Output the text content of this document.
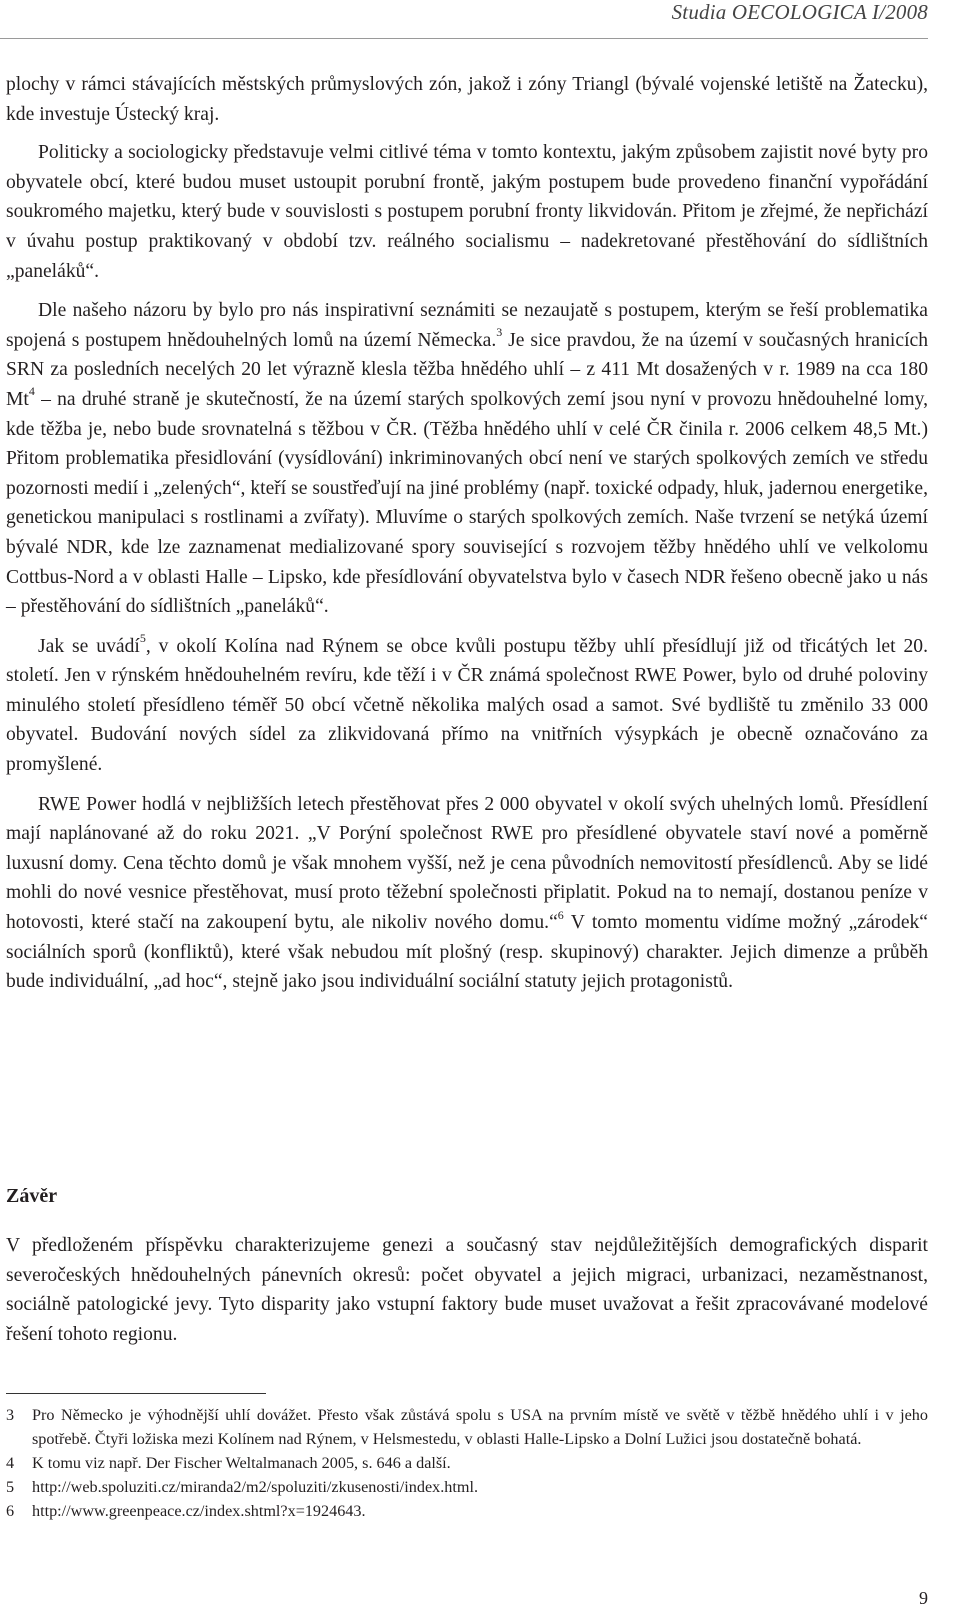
Studia OECOLOGICA I/2008

plochy v rámci stávajících městských průmyslových zón, jakož i zóny Triangl (bývalé vojenské letiště na Žatecku), kde investuje Ústecký kraj.

Politicky a sociologicky představuje velmi citlivé téma v tomto kontextu, jakým způsobem zajistit nové byty pro obyvatele obcí, které budou muset ustoupit porubní frontě, jakým postupem bude provedeno finanční vypořádání soukromého majetku, který bude v souvislosti s postupem porubní fronty likvidován. Přitom je zřejmé, že nepřichází v úvahu postup praktikovaný v období tzv. reálného socialismu – nadekretované přestěhování do sídlištních „paneláků“.

Dle našeho názoru by bylo pro nás inspirativní seznámiti se nezaujatě s postupem, kterým se řeší problematika spojená s postupem hnědouhelných lomů na území Německa.$^3$ Je sice pravdou, že na území v současných hranicích SRN za posledních necelých 20 let výrazně klesla těžba hnědého uhlí – z 411 Mt dosažených v r. 1989 na cca 180 Mt$^4$ – na druhé straně je skutečností, že na území starých spolkových zemí jsou nyní v provozu hnědouhelné lomy, kde těžba je, nebo bude srovnatelná s těžbou v ČR. (Těžba hnědého uhlí v celé ČR činila r. 2006 celkem 48,5 Mt.) Přitom problematika přesidlování (vysídlování) inkriminovaných obcí není ve starých spolkových zemích ve středu pozornosti medií i „zelených“, kteří se soustřeďují na jiné problémy (např. toxické odpady, hluk, jadernou energetike, genetickou manipulaci s rostlinami a zvířaty). Mluvíme o starých spolkových zemích. Naše tvrzení se netýká území bývalé NDR, kde lze zaznamenat medializované spory související s rozvojem těžby hnědého uhlí ve velkolomu Cottbus-Nord a v oblasti Halle – Lipsko, kde přesídlování obyvatelstva bylo v časech NDR řešeno obecně jako u nás – přestěhování do sídlištních „paneláků“.

Jak se uvádí$^5$, v okolí Kolína nad Rýnem se obce kvůli postupu těžby uhlí přesídlují již od třicátých let 20. století. Jen v rýnském hnědouhelném revíru, kde těží i v ČR známá společnost RWE Power, bylo od druhé poloviny minulého století přesídleno téměř 50 obcí včetně několika malých osad a samot. Své bydliště tu změnilo 33 000 obyvatel. Budování nových sídel za zlikvidovaná přímo na vnitřních výsypkách je obecně označováno za promyšlené.

RWE Power hodlá v nejbližších letech přestěhovat přes 2 000 obyvatel v okolí svých uhelných lomů. Přesídlení mají naplánované až do roku 2021. „V Porýní společnost RWE pro přesídlené obyvatele staví nové a poměrně luxusní domy. Cena těchto domů je však mnohem vyšší, než je cena původních nemovitostí přesídlenců. Aby se lidé mohli do nové vesnice přestěhovat, musí proto těžební společnosti připlatit. Pokud na to nemají, dostanou peníze v hotovosti, které stačí na zakoupení bytu, ale nikoliv nového domu.“$^6$ V tomto momentu vidíme možný „zárodek“ sociálních sporů (konfliktů), které však nebudou mít plošný (resp. skupinový) charakter. Jejich dimenze a průběh bude individuální, „ad hoc“, stejně jako jsou individuální sociální statuty jejich protagonistů.

Závěr

V předloženém příspěvku charakterizujeme genezi a současný stav nejdůležitějších demografických disparit severočeských hnědouhelných pánevních okresů: počet obyvatel a jejich migraci, urbanizaci, nezaměstnanost, sociálně patologické jevy. Tyto disparity jako vstupní faktory bude muset uvažovat a řešit zpracovávané modelové řešení tohoto regionu.

3	Pro Německo je výhodnější uhlí dovážet. Přesto však zůstává spolu s USA na prvním místě ve světě v těžbě hnědého uhlí i v jeho spotřebě. Čtyři ložiska mezi Kolínem nad Rýnem, v Helsmestedu, v oblasti Halle-Lipsko a Dolní Lužici jsou dostatečně bohatá.
4	K tomu viz např. Der Fischer Weltalmanach 2005, s. 646 a další.
5	http://web.spoluziti.cz/miranda2/m2/spoluziti/zkusenosti/index.html.
6	http://www.greenpeace.cz/index.shtml?x=1924643.
9
